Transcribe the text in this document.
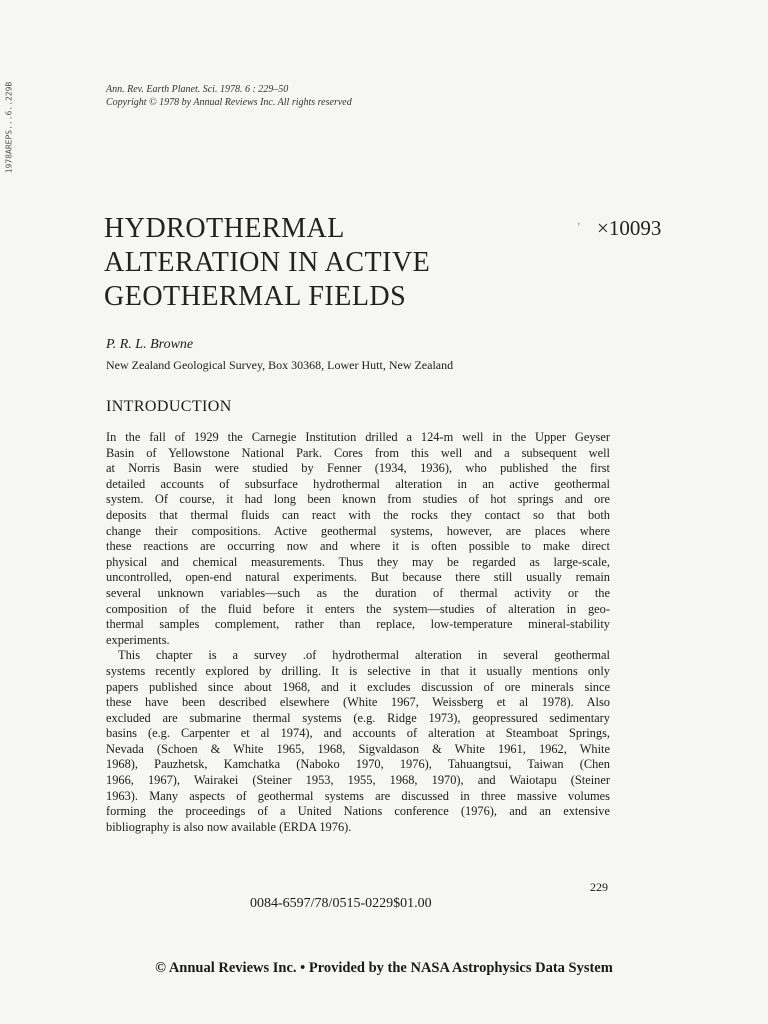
1978AREPS...6..229B	Ann. Rev. Earth Planet. Sci. 1978. 6 : 229–50
Copyright © 1978 by Annual Reviews Inc. All rights reserved
HYDROTHERMAL
ALTERATION IN ACTIVE
GEOTHERMAL FIELDS
' ×10093
P. R. L. Browne
New Zealand Geological Survey, Box 30368, Lower Hutt, New Zealand
INTRODUCTION
In the fall of 1929 the Carnegie Institution drilled a 124-m well in the Upper Geyser
Basin of Yellowstone National Park. Cores from this well and a subsequent well
at Norris Basin were studied by Fenner (1934, 1936), who published the first
detailed accounts of subsurface hydrothermal alteration in an active geothermal
system. Of course, it had long been known from studies of hot springs and ore
deposits that thermal fluids can react with the rocks they contact so that both
change their compositions. Active geothermal systems, however, are places where
these reactions are occurring now and where it is often possible to make direct
physical and chemical measurements. Thus they may be regarded as large-scale,
uncontrolled, open-end natural experiments. But because there still usually remain
several unknown variables—such as the duration of thermal activity or the
composition of the fluid before it enters the system—studies of alteration in geo-
thermal samples complement, rather than replace, low-temperature mineral-stability
experiments.
This chapter is a survey .of hydrothermal alteration in several geothermal
systems recently explored by drilling. It is selective in that it usually mentions only
papers published since about 1968, and it excludes discussion of ore minerals since
these have been described elsewhere (White 1967, Weissberg et al 1978). Also
excluded are submarine thermal systems (e.g. Ridge 1973), geopressured sedimentary
basins (e.g. Carpenter et al 1974), and accounts of alteration at Steamboat Springs,
Nevada (Schoen & White 1965, 1968, Sigvaldason & White 1961, 1962, White
1968), Pauzhetsk, Kamchatka (Naboko 1970, 1976), Tahuangtsui, Taiwan (Chen
1966, 1967), Wairakei (Steiner 1953, 1955, 1968, 1970), and Waiotapu (Steiner
1963). Many aspects of geothermal systems are discussed in three massive volumes
forming the proceedings of a United Nations conference (1976), and an extensive
bibliography is also now available (ERDA 1976).
229
0084-6597/78/0515-0229$01.00
© Annual Reviews Inc. • Provided by the NASA Astrophysics Data System
